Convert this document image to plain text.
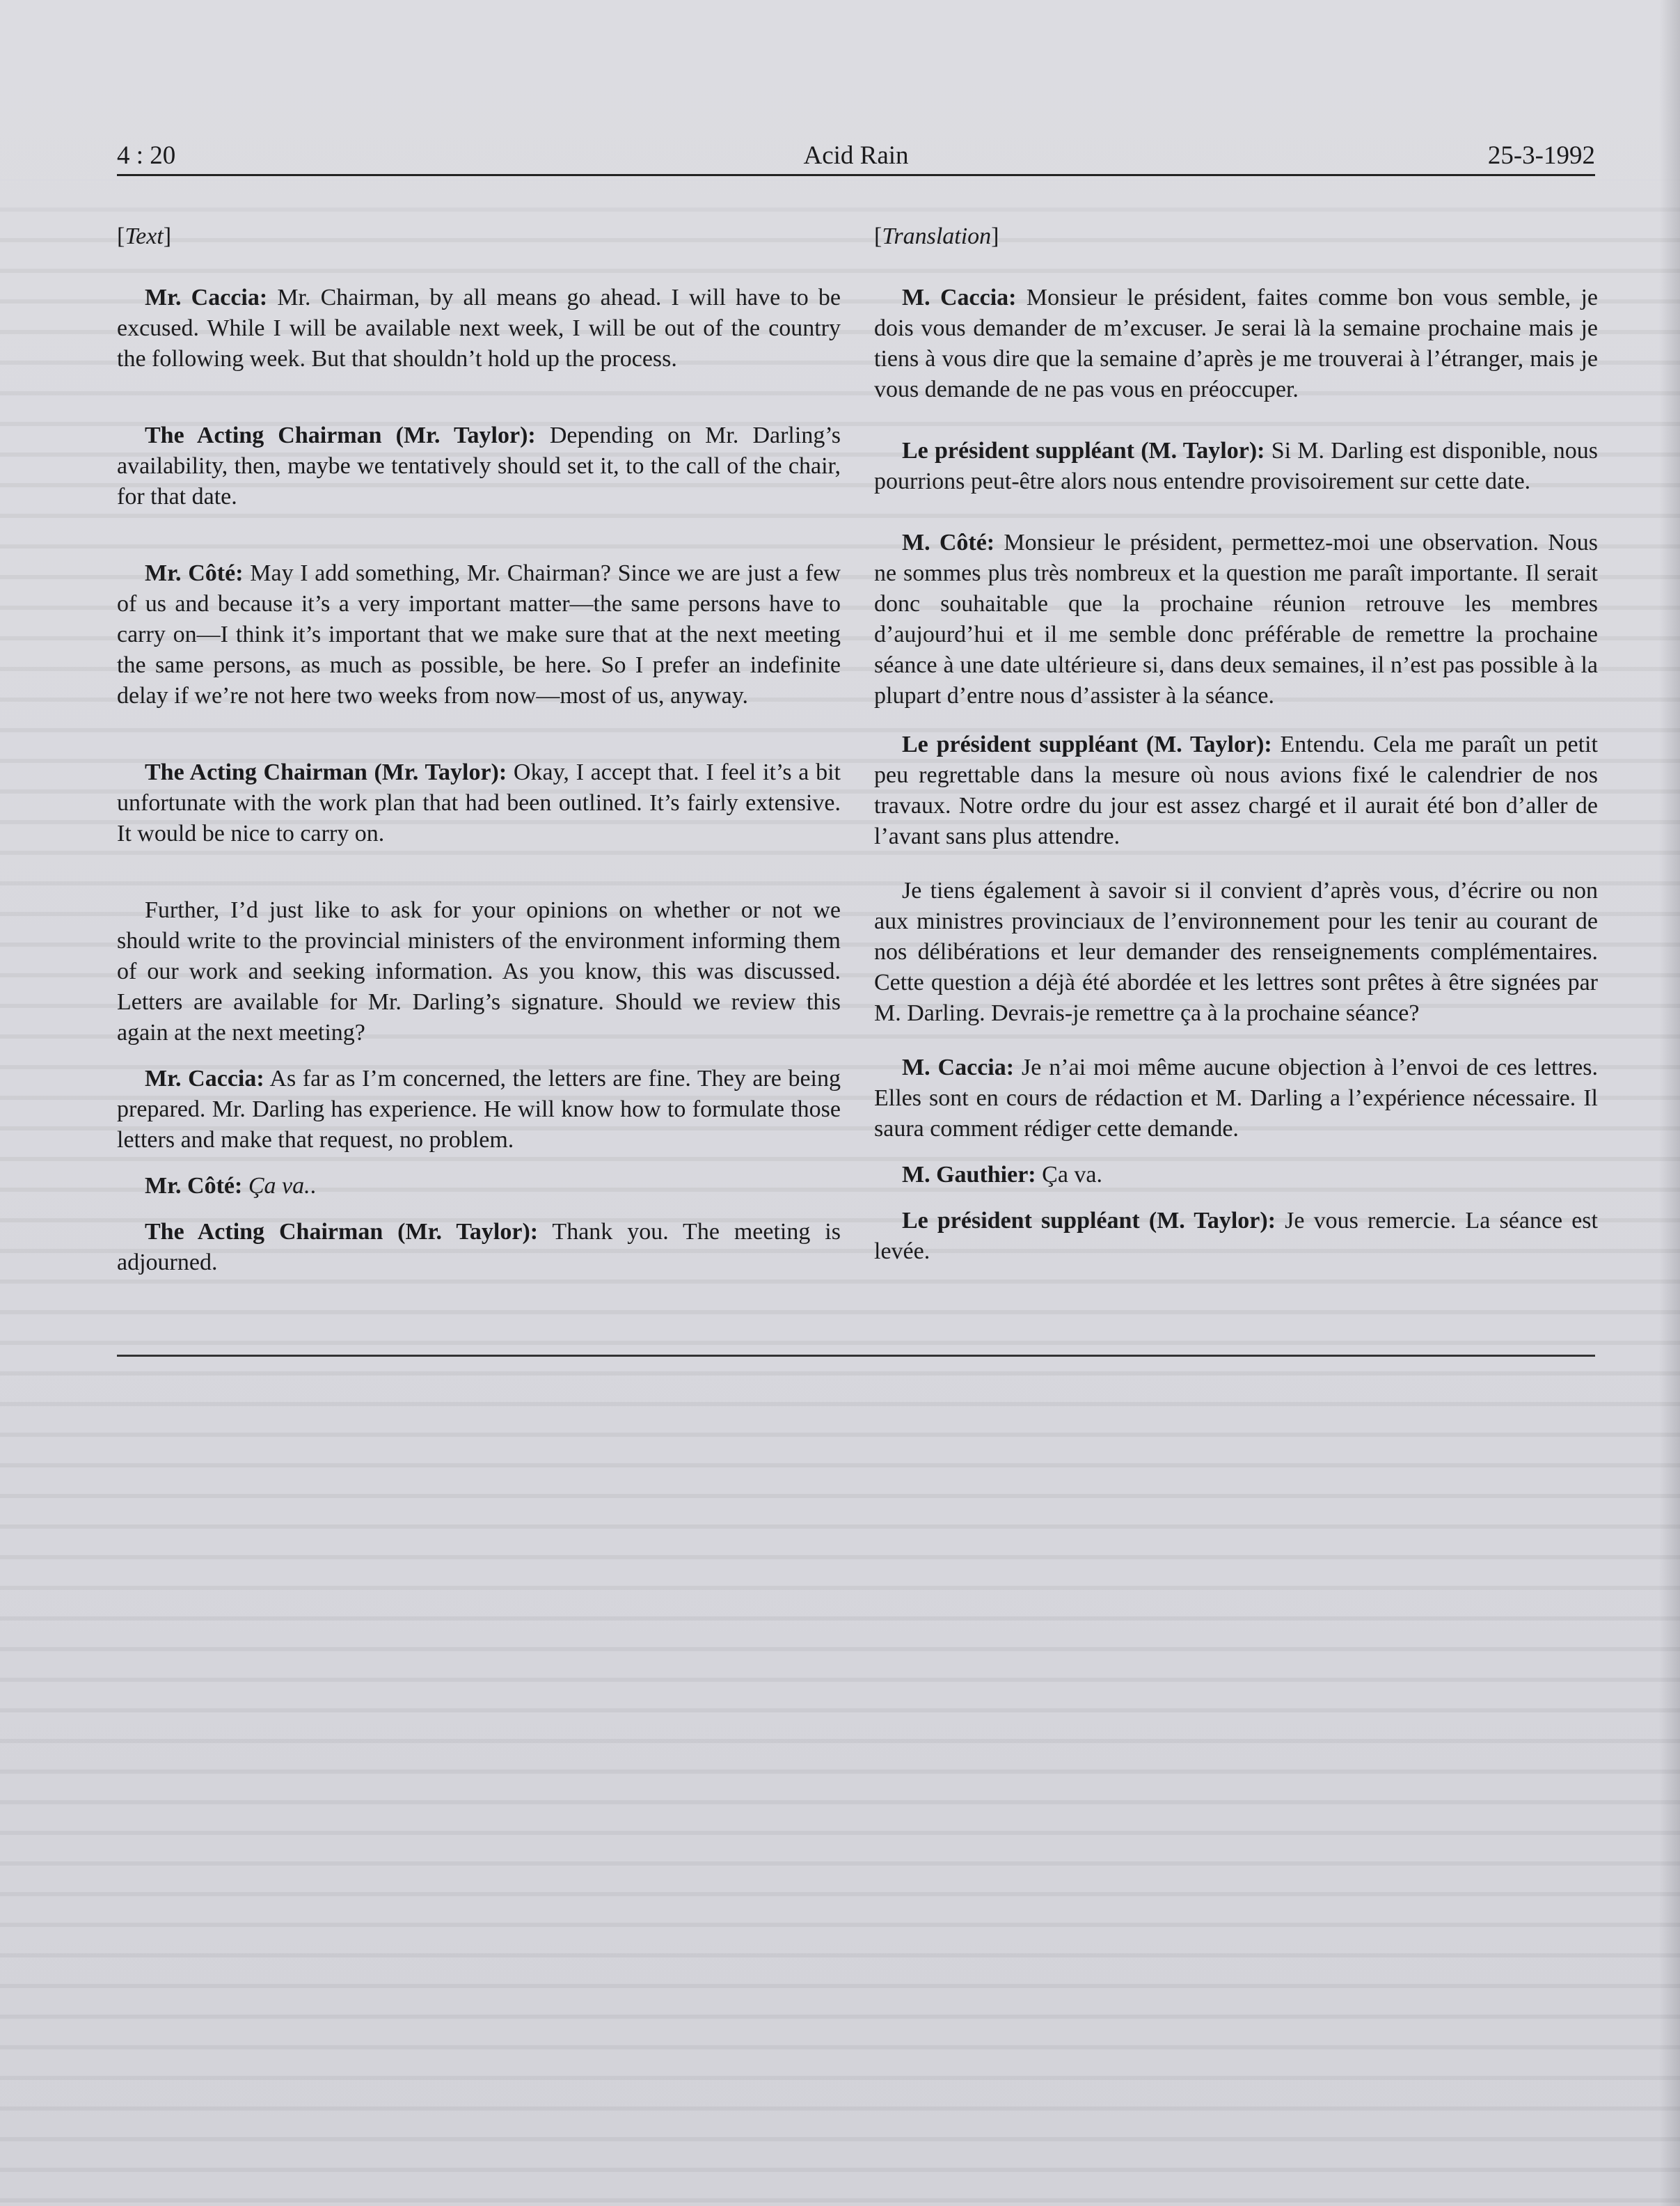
4 : 20	Acid Rain	25-3-1992
[Text]

Mr. Caccia: Mr. Chairman, by all means go ahead. I will have to be excused. While I will be available next week, I will be out of the country the following week. But that shouldn’t hold up the process.

The Acting Chairman (Mr. Taylor): Depending on Mr. Darling’s availability, then, maybe we tentatively should set it, to the call of the chair, for that date.

Mr. Côté: May I add something, Mr. Chairman? Since we are just a few of us and because it’s a very important matter—the same persons have to carry on—I think it’s important that we make sure that at the next meeting the same persons, as much as possible, be here. So I prefer an indefinite delay if we’re not here two weeks from now—most of us, anyway.

The Acting Chairman (Mr. Taylor): Okay, I accept that. I feel it’s a bit unfortunate with the work plan that had been outlined. It’s fairly extensive. It would be nice to carry on.

Further, I’d just like to ask for your opinions on whether or not we should write to the provincial ministers of the environment informing them of our work and seeking information. As you know, this was discussed. Letters are available for Mr. Darling’s signature. Should we review this again at the next meeting?

Mr. Caccia: As far as I’m concerned, the letters are fine. They are being prepared. Mr. Darling has experience. He will know how to formulate those letters and make that request, no problem.

Mr. Côté: Ça va..

The Acting Chairman (Mr. Taylor): Thank you. The meeting is adjourned.

[Translation]

M. Caccia: Monsieur le président, faites comme bon vous semble, je dois vous demander de m’excuser. Je serai là la semaine prochaine mais je tiens à vous dire que la semaine d’après je me trouverai à l’étranger, mais je vous demande de ne pas vous en préoccuper.

Le président suppléant (M. Taylor): Si M. Darling est disponible, nous pourrions peut-être alors nous entendre provisoirement sur cette date.

M. Côté: Monsieur le président, permettez-moi une observation. Nous ne sommes plus très nombreux et la question me paraît importante. Il serait donc souhaitable que la prochaine réunion retrouve les membres d’aujourd’hui et il me semble donc préférable de remettre la prochaine séance à une date ultérieure si, dans deux semaines, il n’est pas possible à la plupart d’entre nous d’assister à la séance.

Le président suppléant (M. Taylor): Entendu. Cela me paraît un petit peu regrettable dans la mesure où nous avions fixé le calendrier de nos travaux. Notre ordre du jour est assez chargé et il aurait été bon d’aller de l’avant sans plus attendre.

Je tiens également à savoir si il convient d’après vous, d’écrire ou non aux ministres provinciaux de l’environnement pour les tenir au courant de nos délibérations et leur demander des renseignements complémentaires. Cette question a déjà été abordée et les lettres sont prêtes à être signées par M. Darling. Devrais-je remettre ça à la prochaine séance?

M. Caccia: Je n’ai moi même aucune objection à l’envoi de ces lettres. Elles sont en cours de rédaction et M. Darling a l’expérience nécessaire. Il saura comment rédiger cette demande.

M. Gauthier: Ça va.

Le président suppléant (M. Taylor): Je vous remercie. La séance est levée.
